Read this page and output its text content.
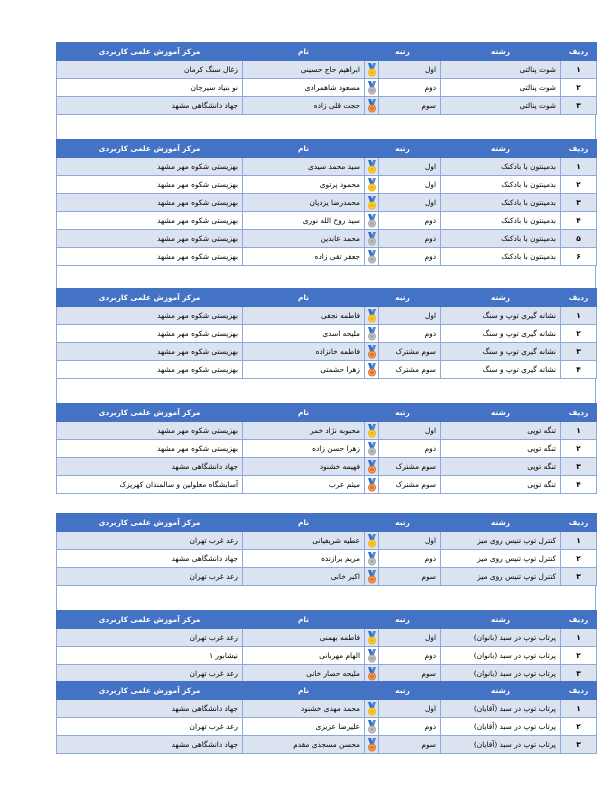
ردیف	رشته	رتبه		نام	مرکز آموزش علمی کاربردی
۱	شوت پنالتی	اول		ابراهیم حاج حسینی	زغال سنگ کرمان
۲	شوت پنالتی	دوم		مسعود شاهمرادی	نو بنیاد سیرجان
۳	شوت پنالتی	سوم		حجت قلی زاده	جهاد دانشگاهی مشهد
ردیف	رشته	رتبه		نام	مرکز آموزش علمی کاربردی
۱	بدمینتون با بادکنک	اول		سید محمد سیدی	بهزیستی شکوه مهر مشهد
۲	بدمینتون با بادکنک	اول		محمود پرتوی	بهزیستی شکوه مهر مشهد
۳	بدمینتون با بادکنک	اول		محمدرضا یزدیان	بهزیستی شکوه مهر مشهد
۴	بدمینتون با بادکنک	دوم		سید روح الله نوری	بهزیستی شکوه مهر مشهد
۵	بدمینتون با بادکنک	دوم		محمد عابدین	بهزیستی شکوه مهر مشهد
۶	بدمینتون با بادکنک	دوم		جعفر تقی زاده	بهزیستی شکوه مهر مشهد
ردیف	رشته	رتبه		نام	مرکز آموزش علمی کاربردی
۱	نشانه گیری توپ و سنگ	اول		فاطمه نجفی	بهزیستی شکوه مهر مشهد
۲	نشانه گیری توپ و سنگ	دوم		ملیحه اسدی	بهزیستی شکوه مهر مشهد
۳	نشانه گیری توپ و سنگ	سوم مشترک		فاطمه خانزاده	بهزیستی شکوه مهر مشهد
۴	نشانه گیری توپ و سنگ	سوم مشترک		زهرا حشمتی	بهزیستی شکوه مهر مشهد
ردیف	رشته	رتبه		نام	مرکز آموزش علمی کاربردی
۱	تنگه توپی	اول		محبوبه نژاد خمر	بهزیستی شکوه مهر مشهد
۲	تنگه توپی	دوم		زهرا حسن زاده	بهزیستی شکوه مهر مشهد
۳	تنگه توپی	سوم مشترک		فهیمه خشنود	جهاد دانشگاهی مشهد
۴	تنگه توپی	سوم مشترک		میثم عرب	آسایشگاه معلولین و سالمندان کهریزک
ردیف	رشته	رتبه		نام	مرکز آموزش علمی کاربردی
۱	کنترل توپ تنیس روی میز	اول		عطیه شریفیانی	رعد غرب تهران
۲	کنترل توپ تنیس روی میز	دوم		مریم برازنده	جهاد دانشگاهی مشهد
۳	کنترل توپ تنیس روی میز	سوم		اکبر خانی	رعد غرب تهران
ردیف	رشته	رتبه		نام	مرکز آموزش علمی کاربردی
۱	پرتاب توپ در سبد (بانوان)	اول		فاطمه بهمنی	رعد غرب تهران
۲	پرتاب توپ در سبد (بانوان)	دوم		الهام مهربانی	نیشابور ۱
۳	پرتاب توپ در سبد (بانوان)	سوم		ملیحه حصار خانی	رعد غرب تهران
ردیف	رشته	رتبه		نام	مرکز آموزش علمی کاربردی
۱	پرتاب توپ در سبد (آقایان)	اول		محمد مهدی خشنود	جهاد دانشگاهی مشهد
۲	پرتاب توپ در سبد (آقایان)	دوم		علیرضا عزیزی	رعد غرب تهران
۳	پرتاب توپ در سبد (آقایان)	سوم		محسن مسجدی مقدم	جهاد دانشگاهی مشهد
